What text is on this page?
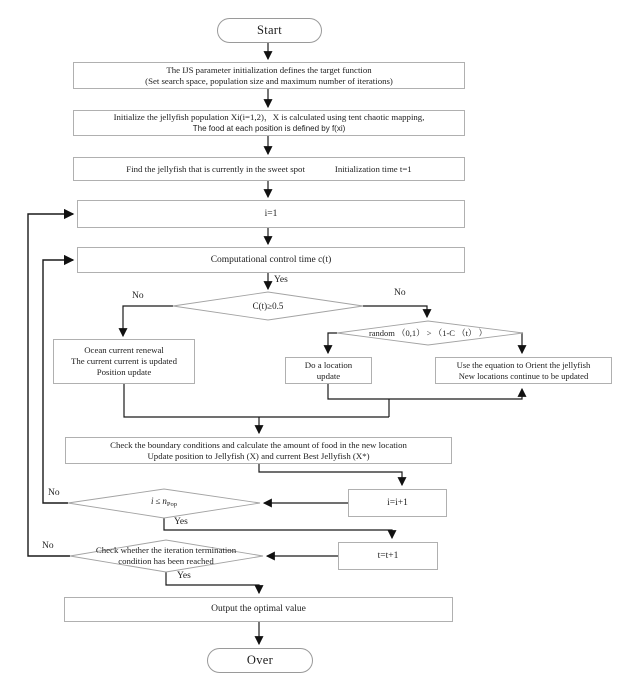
Start
Over
The IJS parameter initialization defines the target function
(Set search space, population size and maximum number of iterations)
Initialize the jellyfish population Xi(i=1,2)，X is calculated using tent chaotic mapping,
The food at each position is defined by f(xi)
Find the jellyfish that is currently in the sweet spot	Initialization time t=1
i=1
Computational control time c(t)
Ocean current renewal
The current current is updated
Position update
Do a location
update
Use the equation to Orient the jellyfish
New locations continue to be updated
Check the boundary conditions and calculate the amount of food in the new location
Update position to Jellyfish (X) and current Best Jellyfish (X*)
i=i+1
t=t+1
Output the optimal value
C(t)≥0.5
random （0,1） > （1-C （t） ）
$i \le n_{Pop}$
Check whether the iteration termination
condition has been reached
Yes
No	No
No
Yes
No
Yes
